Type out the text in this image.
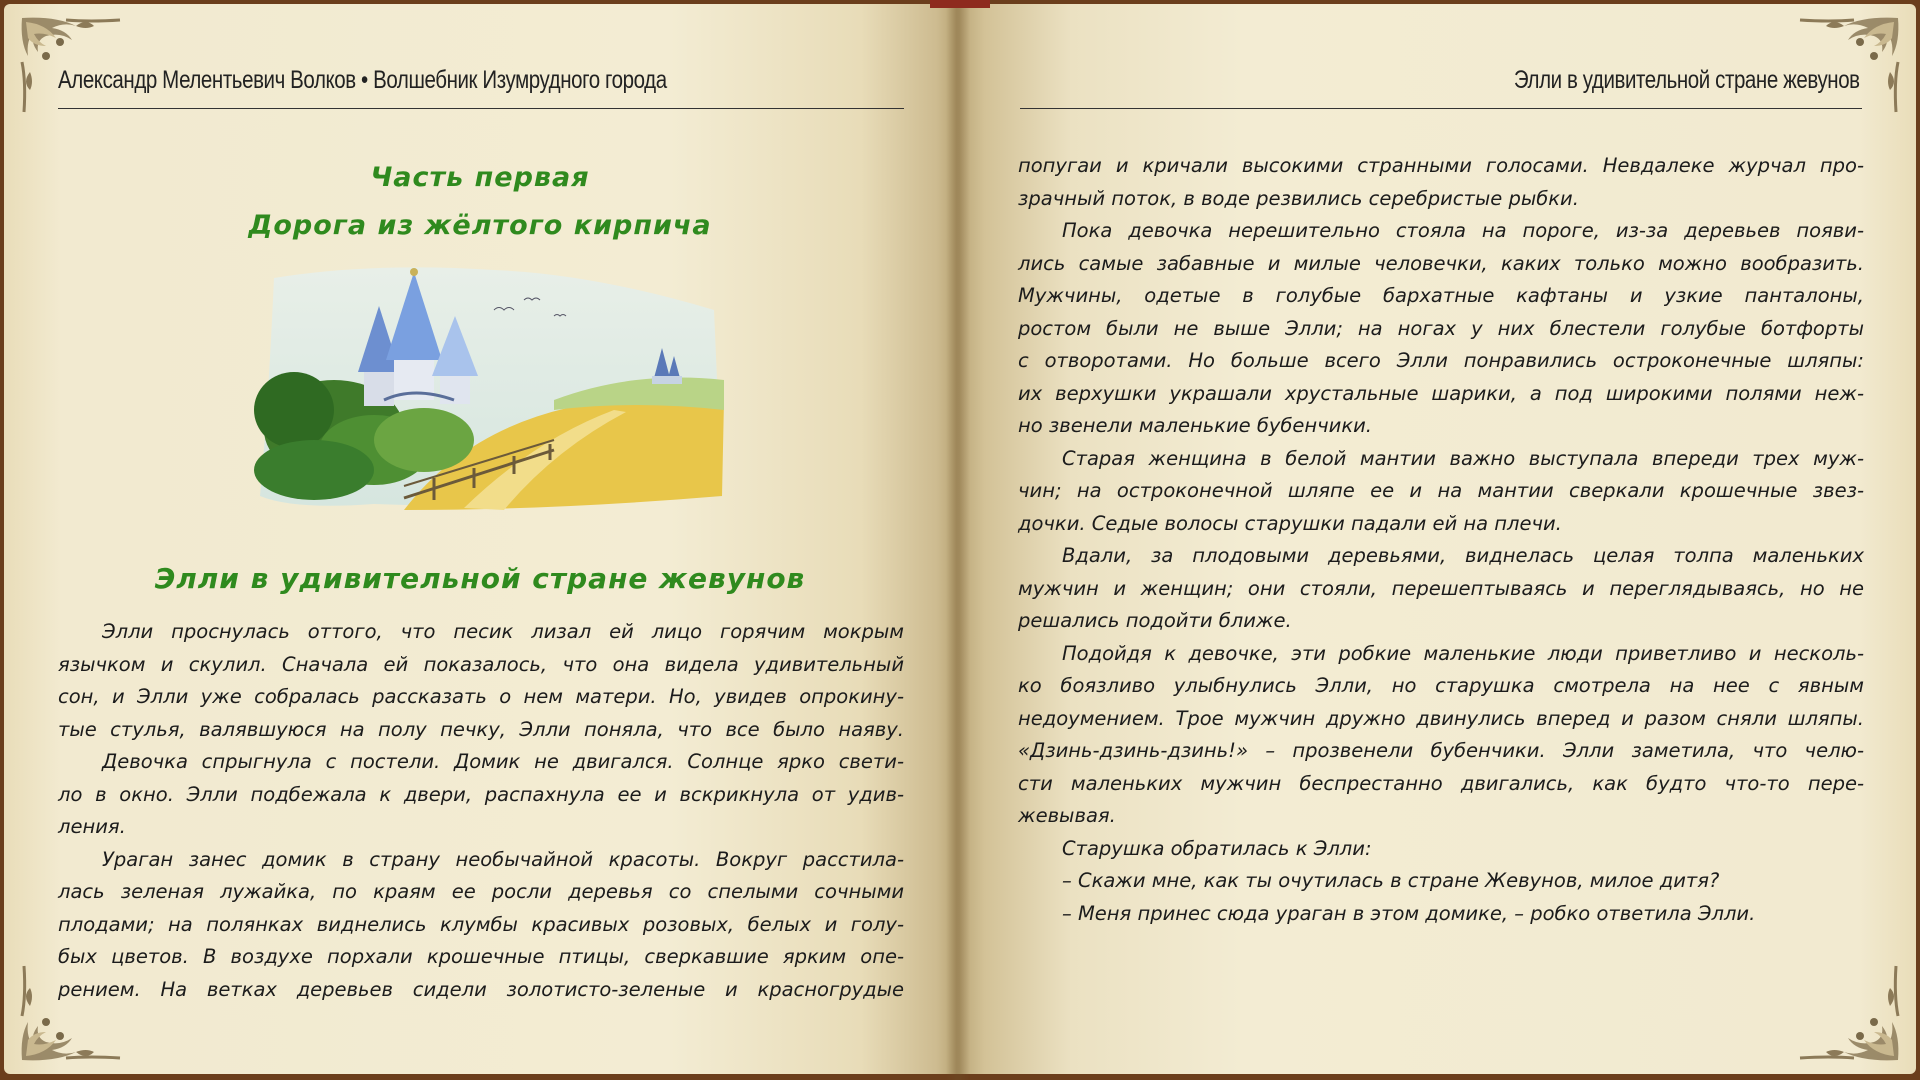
Александр Мелентьевич Волков • Волшебник Изумрудного города
Часть первая
Дорога из жёлтого кирпича
Элли в удивительной стране жевунов
Элли проснулась оттого, что песик лизал ей лицо горячим мокрым
язычком и скулил. Сначала ей показалось, что она видела удивительный
сон, и Элли уже собралась рассказать о нем матери. Но, увидев опрокину-
тые стулья, валявшуюся на полу печку, Элли поняла, что все было наяву.
Девочка спрыгнула с постели. Домик не двигался. Солнце ярко свети-
ло в окно. Элли подбежала к двери, распахнула ее и вскрикнула от удив-
ления.
Ураган занес домик в страну необычайной красоты. Вокруг расстила-
лась зеленая лужайка, по краям ее росли деревья со спелыми сочными
плодами; на полянках виднелись клумбы красивых розовых, белых и голу-
бых цветов. В воздухе порхали крошечные птицы, сверкавшие ярким опе-
рением. На ветках деревьев сидели золотисто-зеленые и красногрудые
Элли в удивительной стране жевунов
попугаи и кричали высокими странными голосами. Невдалеке журчал про-
зрачный поток, в воде резвились серебристые рыбки.
Пока девочка нерешительно стояла на пороге, из-за деревьев появи-
лись самые забавные и милые человечки, каких только можно вообразить.
Мужчины, одетые в голубые бархатные кафтаны и узкие панталоны,
ростом были не выше Элли; на ногах у них блестели голубые ботфорты
с отворотами. Но больше всего Элли понравились остроконечные шляпы:
их верхушки украшали хрустальные шарики, а под широкими полями неж-
но звенели маленькие бубенчики.
Старая женщина в белой мантии важно выступала впереди трех муж-
чин; на остроконечной шляпе ее и на мантии сверкали крошечные звез-
дочки. Седые волосы старушки падали ей на плечи.
Вдали, за плодовыми деревьями, виднелась целая толпа маленьких
мужчин и женщин; они стояли, перешептываясь и переглядываясь, но не
решались подойти ближе.
Подойдя к девочке, эти робкие маленькие люди приветливо и несколь-
ко боязливо улыбнулись Элли, но старушка смотрела на нее с явным
недоумением. Трое мужчин дружно двинулись вперед и разом сняли шляпы.
«Дзинь-дзинь-дзинь!» – прозвенели бубенчики. Элли заметила, что челю-
сти маленьких мужчин беспрестанно двигались, как будто что-то пере-
жевывая.
Старушка обратилась к Элли:
– Скажи мне, как ты очутилась в стране Жевунов, милое дитя?
– Меня принес сюда ураган в этом домике, – робко ответила Элли.
